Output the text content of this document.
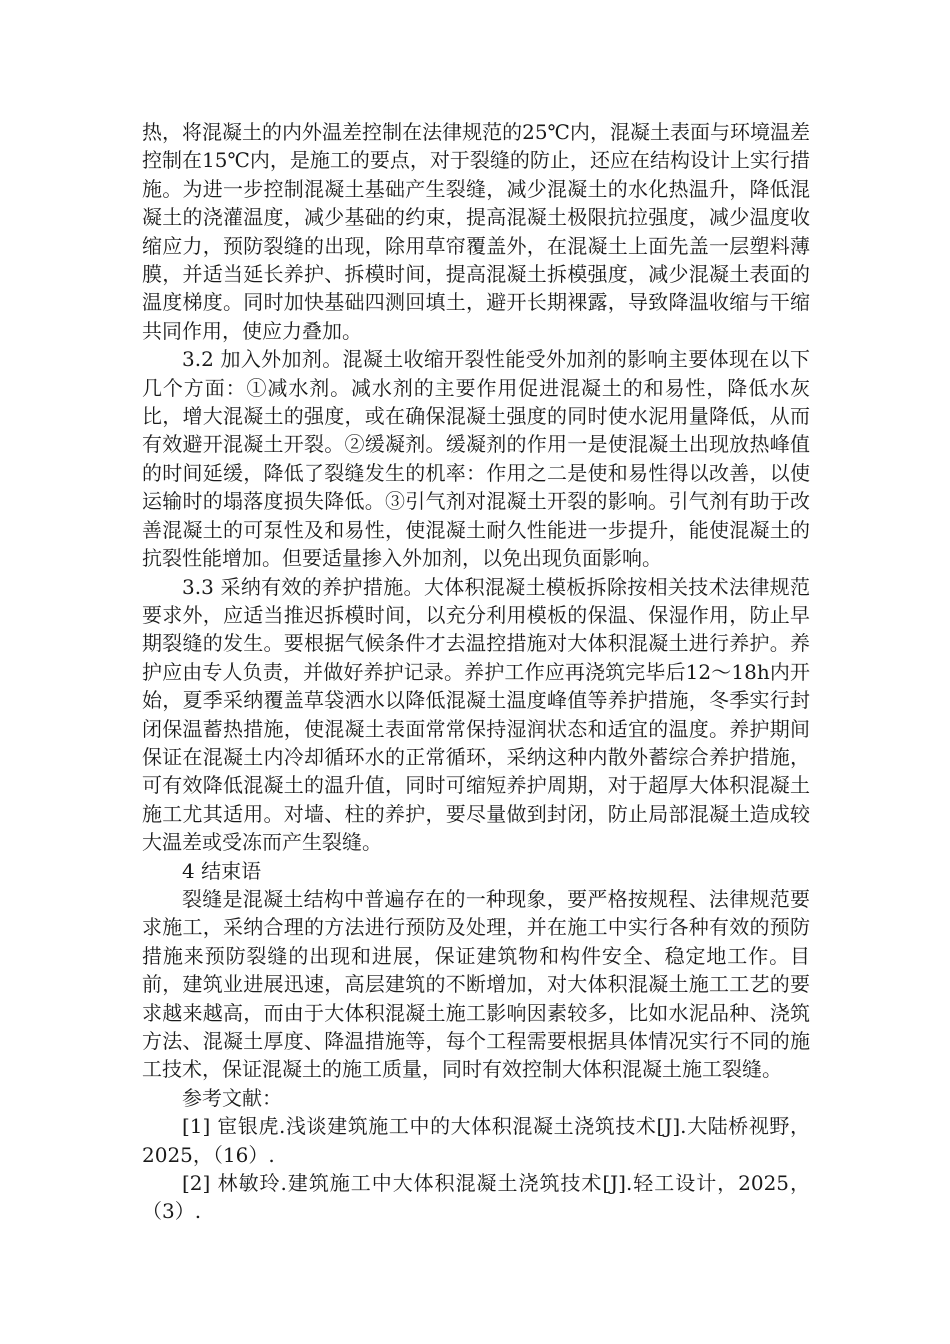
热，将混凝土的内外温差控制在法律规范的25℃内，混凝土表面与环境温差控制在15℃内，是施工的要点，对于裂缝的防止，还应在结构设计上实行措施。为进一步控制混凝土基础产生裂缝，减少混凝土的水化热温升，降低混凝土的浇灌温度，减少基础的约束，提高混凝土极限抗拉强度，减少温度收缩应力，预防裂缝的出现，除用草帘覆盖外，在混凝土上面先盖一层塑料薄膜，并适当延长养护、拆模时间，提高混凝土拆模强度，减少混凝土表面的温度梯度。同时加快基础四测回填土，避开长期裸露，导致降温收缩与干缩共同作用，使应力叠加。

3.2 加入外加剂。混凝土收缩开裂性能受外加剂的影响主要体现在以下几个方面：①减水剂。减水剂的主要作用促进混凝土的和易性，降低水灰比，增大混凝土的强度，或在确保混凝土强度的同时使水泥用量降低，从而有效避开混凝土开裂。②缓凝剂。缓凝剂的作用一是使混凝土出现放热峰值的时间延缓，降低了裂缝发生的机率：作用之二是使和易性得以改善，以使运输时的塌落度损失降低。③引气剂对混凝土开裂的影响。引气剂有助于改善混凝土的可泵性及和易性，使混凝土耐久性能进一步提升，能使混凝土的抗裂性能增加。但要适量掺入外加剂，以免出现负面影响。

3.3 采纳有效的养护措施。大体积混凝土模板拆除按相关技术法律规范要求外，应适当推迟拆模时间，以充分利用模板的保温、保湿作用，防止早期裂缝的发生。要根据气候条件才去温控措施对大体积混凝土进行养护。养护应由专人负责，并做好养护记录。养护工作应再浇筑完毕后12～18h内开始，夏季采纳覆盖草袋洒水以降低混凝土温度峰值等养护措施，冬季实行封闭保温蓄热措施，使混凝土表面常常保持湿润状态和适宜的温度。养护期间保证在混凝土内冷却循环水的正常循环，采纳这种内散外蓄综合养护措施，可有效降低混凝土的温升值，同时可缩短养护周期，对于超厚大体积混凝土施工尤其适用。对墙、柱的养护，要尽量做到封闭，防止局部混凝土造成较大温差或受冻而产生裂缝。

4 结束语

裂缝是混凝土结构中普遍存在的一种现象，要严格按规程、法律规范要求施工，采纳合理的方法进行预防及处理，并在施工中实行各种有效的预防措施来预防裂缝的出现和进展，保证建筑物和构件安全、稳定地工作。目前，建筑业进展迅速，高层建筑的不断增加，对大体积混凝土施工工艺的要求越来越高，而由于大体积混凝土施工影响因素较多，比如水泥品种、浇筑方法、混凝土厚度、降温措施等，每个工程需要根据具体情况实行不同的施工技术，保证混凝土的施工质量，同时有效控制大体积混凝土施工裂缝。

参考文献：

[1] 宦银虎.浅谈建筑施工中的大体积混凝土浇筑技术[J].大陆桥视野，2025，（16）.

[2] 林敏玲.建筑施工中大体积混凝土浇筑技术[J].轻工设计，2025，（3）.
